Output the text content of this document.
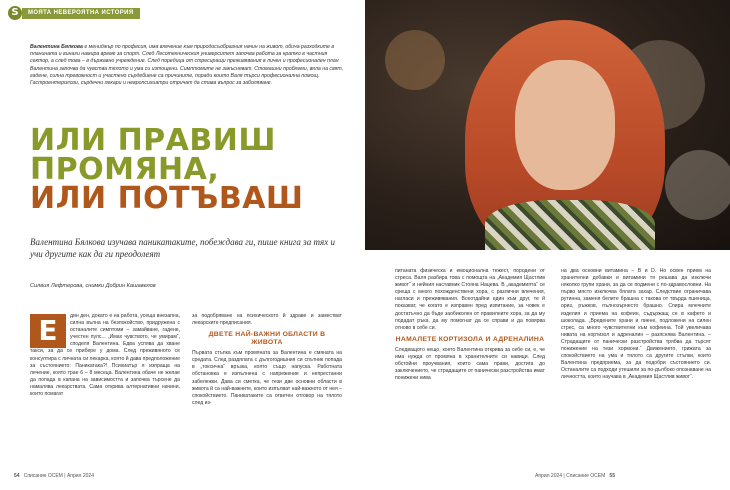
S	МОЯТА НЕВЕРОЯТНА ИСТОРИЯ
Валентина Бялкова е мениджър по професия, има влечение към природосъобразния начин на живот, обича разходките в планината и винаги намира време за спорт. След Лесотехническия университет започва работа за кратко в частния сектор, а след това – в държавно учреждение. След поредица от стресиращи преживявания в личен и професионален план Валентина започва да чувства тялото и ума си изтощени. Симптомите не закъсняват. Стомашни проблеми, вяла на свят, гадене, силна тревожност и участено сърдебиене са причините, поради които Валя търси професионална помощ. Гастроентеролози, сърдечни лекари и невропсихиатри отричат да става въпрос за заболяване.
ИЛИ ПРАВИШ
ПРОМЯНА,
ИЛИ ПОТЪВАШ
Валентина Бялкова изучава паникатаките, побеждава ги, пише книга за тях и учи другите как да ги преодолеят
Силвия Лефтерова, снимки Добрин Кашавелов
Е	дин ден, докато е на работа, усеща внезапна, силна вълна на безпокойство, придружена с останалите симптоми – замайване, гадене, учестен пулс... „Имах чувството, че умирам“, споделя Валентина. Едва успява да хване такси, за да се прибере у дома. След преживяното се консултира с личната си лекарка, която й дава предположение за състоянието: Паникатака?! Психиатър я изпраща на лечение, която трае 6 – 8 месеца. Валентина обаче не желае да попада в капана на зависимостта и започва търсене да намалява лекарствата. Сама открива алтернативни начини, които помагат

за подобряване на психическото й здраве и заместват лекарските предписания.

ДВЕТЕ НАЙ-ВАЖНИ ОБЛАСТИ В ЖИВОТА

Първата стъпка към промяната за Валентина е смяната на средата. След раздялата с дългогодишния си спътник попада в „токсична“ връзка, която също напуска. Работната обстановка е изпълнена с напрежение и непрестанни забележки. Дава си сметка, че тези две основни области в живота й са най-важните, които изпълват най-важното от нея – спокойствието. Паникатаките са ответен отговор на тялото след из-

54 Списание ОСЕМ | Април 2024

питаната физическа и емоционална тежест, породени от стреса. Валя разбира това с помощта на „Академия Щастлив живот“ и нейния наставник Стояна Нацева. В „академията“ се среща с много похожденствени хора, с различни влечения, нагласи и преживявания. Всеотдайни един към друг, те й показват, че когато е изправен пред изпитание, за човек е достатъчно да бъде заобиколен от правилните хора, за да му подадат ръка, да му помогнат да се справи и да повярва отново в себе си.

НАМАЛЕТЕ КОРТИЗОЛА И АДРЕНАЛИНА

Следващото нещо, което Валентина открива за себе си, е, че има нужда от промяна в хранителните си навици. След обстойни проучвания, които сама прави, достига до заключението, че страдащите от панически разстройства имат понижени нива

на два основни витамина – B и D. Но освен прием на хранителни добавки и витамини тя решава да изключи няколко групи храни, за да се подмени с по-здравословни. На първо място изключва бялата захар. Следствие ограничава рутинна, заменя белите брашна с такова от твърда пшеница, ориз, ръжков, пълнозърнесто брашно. Спира млечните изделия и приема на кофеин, съдържащ се в кафето и шоколада. „Вредените храни и пиене, подложени на силен стрес, са много чувствителни към кофеина. Той увеличава нивата на кортизол и адреналин – разяснява Валентина. – Страдащите от панически разстройства трябва да търсят понижение на тези хормони.“ Движението, грижата за спокойствието на ума и тялото са другите стъпки, които Валентина предприема, за да подобри състоянието си. Останалите са подходи утешили за по-дълбоко опознаване на личността, които научава в „Академия Щастлив живот“.

Април 2024 | Списание ОСЕМ 55
